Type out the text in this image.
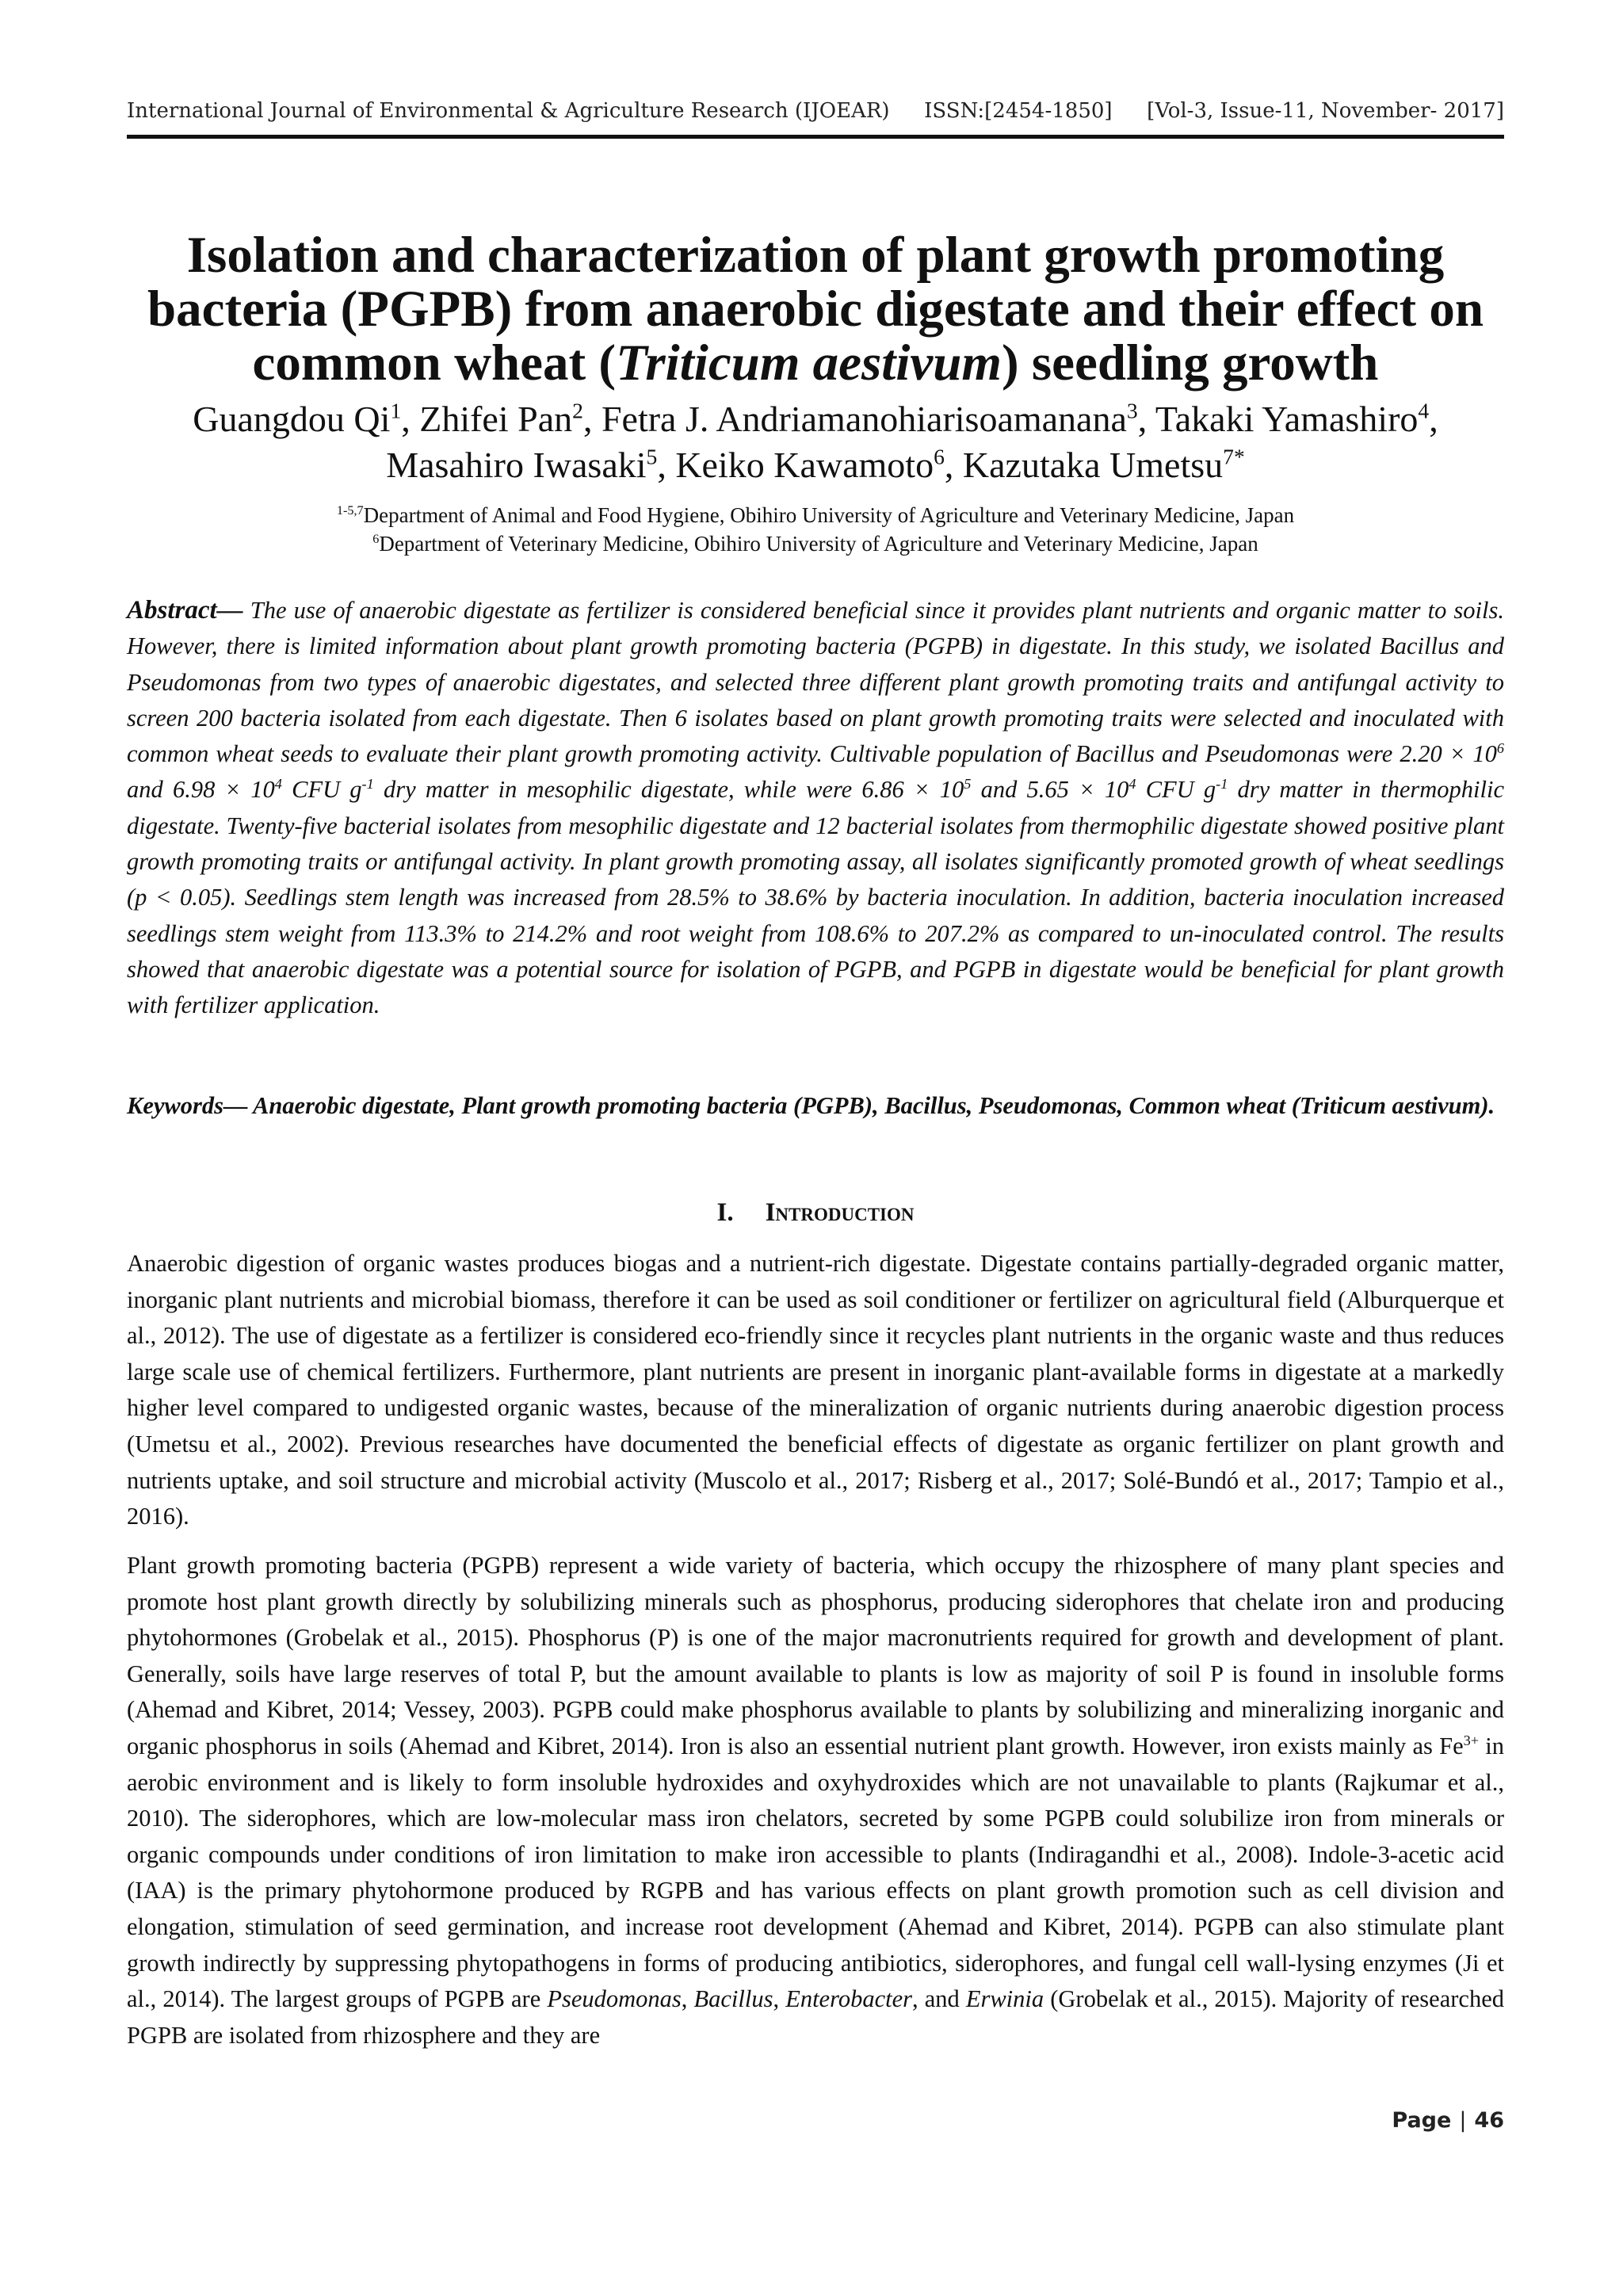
International Journal of Environmental & Agriculture Research (IJOEAR) ISSN:[2454-1850] [Vol-3, Issue-11, November- 2017]
Isolation and characterization of plant growth promoting
bacteria (PGPB) from anaerobic digestate and their effect on
common wheat (Triticum aestivum) seedling growth
Guangdou Qi$^1$, Zhifei Pan$^2$, Fetra J. Andriamanohiarisoamanana$^3$, Takaki Yamashiro$^4$,
Masahiro Iwasaki$^5$, Keiko Kawamoto$^6$, Kazutaka Umetsu$^{7*}$
$^{1-5,7}$Department of Animal and Food Hygiene, Obihiro University of Agriculture and Veterinary Medicine, Japan
$^6$Department of Veterinary Medicine, Obihiro University of Agriculture and Veterinary Medicine, Japan
Abstract— The use of anaerobic digestate as fertilizer is considered beneficial since it provides plant nutrients and organic matter to soils. However, there is limited information about plant growth promoting bacteria (PGPB) in digestate. In this study, we isolated Bacillus and Pseudomonas from two types of anaerobic digestates, and selected three different plant growth promoting traits and antifungal activity to screen 200 bacteria isolated from each digestate. Then 6 isolates based on plant growth promoting traits were selected and inoculated with common wheat seeds to evaluate their plant growth promoting activity. Cultivable population of Bacillus and Pseudomonas were $2.20 \times 10^6$ and $6.98 \times 10^4$ CFU $g^{-1}$ dry matter in mesophilic digestate, while were $6.86 \times 10^5$ and $5.65 \times 10^4$ CFU $g^{-1}$ dry matter in thermophilic digestate. Twenty-five bacterial isolates from mesophilic digestate and 12 bacterial isolates from thermophilic digestate showed positive plant growth promoting traits or antifungal activity. In plant growth promoting assay, all isolates significantly promoted growth of wheat seedlings (p < 0.05). Seedlings stem length was increased from 28.5% to 38.6% by bacteria inoculation. In addition, bacteria inoculation increased seedlings stem weight from 113.3% to 214.2% and root weight from 108.6% to 207.2% as compared to un-inoculated control. The results showed that anaerobic digestate was a potential source for isolation of PGPB, and PGPB in digestate would be beneficial for plant growth with fertilizer application.
Keywords— Anaerobic digestate, Plant growth promoting bacteria (PGPB), Bacillus, Pseudomonas, Common wheat (Triticum aestivum).
I. Introduction
Anaerobic digestion of organic wastes produces biogas and a nutrient-rich digestate. Digestate contains partially-degraded organic matter, inorganic plant nutrients and microbial biomass, therefore it can be used as soil conditioner or fertilizer on agricultural field (Alburquerque et al., 2012). The use of digestate as a fertilizer is considered eco-friendly since it recycles plant nutrients in the organic waste and thus reduces large scale use of chemical fertilizers. Furthermore, plant nutrients are present in inorganic plant-available forms in digestate at a markedly higher level compared to undigested organic wastes, because of the mineralization of organic nutrients during anaerobic digestion process (Umetsu et al., 2002). Previous researches have documented the beneficial effects of digestate as organic fertilizer on plant growth and nutrients uptake, and soil structure and microbial activity (Muscolo et al., 2017; Risberg et al., 2017; Solé-Bundó et al., 2017; Tampio et al., 2016).
Plant growth promoting bacteria (PGPB) represent a wide variety of bacteria, which occupy the rhizosphere of many plant species and promote host plant growth directly by solubilizing minerals such as phosphorus, producing siderophores that chelate iron and producing phytohormones (Grobelak et al., 2015). Phosphorus (P) is one of the major macronutrients required for growth and development of plant. Generally, soils have large reserves of total P, but the amount available to plants is low as majority of soil P is found in insoluble forms (Ahemad and Kibret, 2014; Vessey, 2003). PGPB could make phosphorus available to plants by solubilizing and mineralizing inorganic and organic phosphorus in soils (Ahemad and Kibret, 2014). Iron is also an essential nutrient plant growth. However, iron exists mainly as $Fe^{3+}$ in aerobic environment and is likely to form insoluble hydroxides and oxyhydroxides which are not unavailable to plants (Rajkumar et al., 2010). The siderophores, which are low-molecular mass iron chelators, secreted by some PGPB could solubilize iron from minerals or organic compounds under conditions of iron limitation to make iron accessible to plants (Indiragandhi et al., 2008). Indole-3-acetic acid (IAA) is the primary phytohormone produced by RGPB and has various effects on plant growth promotion such as cell division and elongation, stimulation of seed germination, and increase root development (Ahemad and Kibret, 2014). PGPB can also stimulate plant growth indirectly by suppressing phytopathogens in forms of producing antibiotics, siderophores, and fungal cell wall-lysing enzymes (Ji et al., 2014). The largest groups of PGPB are Pseudomonas, Bacillus, Enterobacter, and Erwinia (Grobelak et al., 2015). Majority of researched PGPB are isolated from rhizosphere and they are
Page | 46
